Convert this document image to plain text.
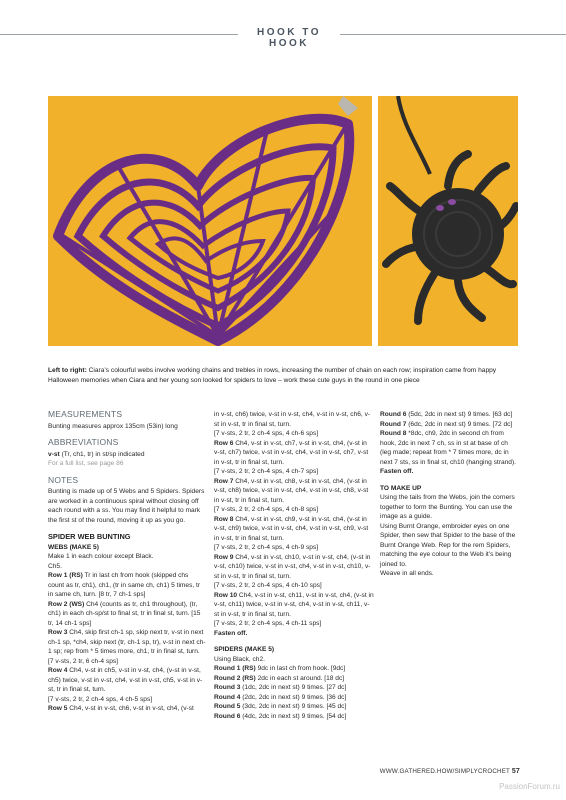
HOOK TO HOOK
Left to right: Ciara’s colourful webs involve working chains and trebles in rows, increasing the number of chain on each row; inspiration came from happy Halloween memories when Ciara and her young son looked for spiders to love – work these cute guys in the round in one piece
MEASUREMENTS

Bunting measures approx 135cm (53in) long

ABBREVIATIONS

v-st (Tr, ch1, tr) in st/sp indicated

For a full list, see page 86

NOTES

Bunting is made up of 5 Webs and 5 Spiders. Spiders are worked in a continuous spiral without closing off each round with a ss. You may find it helpful to mark the first st of the round, moving it up as you go.

SPIDER WEB BUNTING
WEBS (MAKE 5)

Make 1 in each colour except Black.

Ch5.

Row 1 (RS) Tr in last ch from hook (skipped chs count as tr, ch1), ch1, (tr in same ch, ch1) 5 times, tr in same ch, turn. [8 tr, 7 ch-1 sps]

Row 2 (WS) Ch4 (counts as tr, ch1 throughout), (tr, ch1) in each ch-sp/st to final st, tr in final st, turn. [15 tr, 14 ch-1 sps]

Row 3 Ch4, skip first ch-1 sp, skip next tr, v-st in next ch-1 sp, *ch4, skip next (tr, ch-1 sp, tr), v-st in next ch-1 sp; rep from * 5 times more, ch1, tr in final st, turn. [7 v-sts, 2 tr, 6 ch-4 sps]

Row 4 Ch4, v-st in ch5, v-st in v-st, ch4, (v-st in v-st, ch5) twice, v-st in v-st, ch4, v-st in v-st, ch5, v-st in v-st, tr in final st, turn.

[7 v-sts, 2 tr, 2 ch-4 sps, 4 ch-5 sps]

Row 5 Ch4, v-st in v-st, ch6, v-st in v-st, ch4, (v-st

in v-st, ch6) twice, v-st in v-st, ch4, v-st in v-st, ch6, v-st in v-st, tr in final st, turn.

[7 v-sts, 2 tr, 2 ch-4 sps, 4 ch-6 sps]

Row 6 Ch4, v-st in v-st, ch7, v-st in v-st, ch4, (v-st in v-st, ch7) twice, v-st in v-st, ch4, v-st in v-st, ch7, v-st in v-st, tr in final st, turn.

[7 v-sts, 2 tr, 2 ch-4 sps, 4 ch-7 sps]

Row 7 Ch4, v-st in v-st, ch8, v-st in v-st, ch4, (v-st in v-st, ch8) twice, v-st in v-st, ch4, v-st in v-st, ch8, v-st in v-st, tr in final st, turn.

[7 v-sts, 2 tr, 2 ch-4 sps, 4 ch-8 sps]

Row 8 Ch4, v-st in v-st, ch9, v-st in v-st, ch4, (v-st in v-st, ch9) twice, v-st in v-st, ch4, v-st in v-st, ch9, v-st in v-st, tr in final st, turn.

[7 v-sts, 2 tr, 2 ch-4 sps, 4 ch-9 sps]

Row 9 Ch4, v-st in v-st, ch10, v-st in v-st, ch4, (v-st in v-st, ch10) twice, v-st in v-st, ch4, v-st in v-st, ch10, v-st in v-st, tr in final st, turn.

[7 v-sts, 2 tr, 2 ch-4 sps, 4 ch-10 sps]

Row 10 Ch4, v-st in v-st, ch11, v-st in v-st, ch4, (v-st in v-st, ch11) twice, v-st in v-st, ch4, v-st in v-st, ch11, v-st in v-st, tr in final st, turn.

[7 v-sts, 2 tr, 2 ch-4 sps, 4 ch-11 sps]

Fasten off.

SPIDERS (MAKE 5)

Using Black, ch2.

Round 1 (RS) 9dc in last ch from hook. [9dc]

Round 2 (RS) 2dc in each st around. [18 dc]

Round 3 (1dc, 2dc in next st) 9 times. [27 dc]

Round 4 (2dc, 2dc in next st) 9 times. [36 dc]

Round 5 (3dc, 2dc in next st) 9 times. [45 dc]

Round 6 (4dc, 2dc in next st) 9 times. [54 dc]

Round 6 (5dc, 2dc in next st) 9 times. [63 dc]

Round 7 (6dc, 2dc in next st) 9 times. [72 dc]

Round 8 *8dc, ch9, 2dc in second ch from hook, 2dc in next 7 ch, ss in st at base of ch (leg made; repeat from * 7 times more, dc in next 7 sts, ss in final st, ch10 (hanging strand).

Fasten off.

TO MAKE UP

Using the tails from the Webs, join the corners together to form the Bunting. You can use the image as a guide.

Using Burnt Orange, embroider eyes on one Spider, then sew that Spider to the base of the Burnt Orange Web. Rep for the rem Spiders, matching the eye colour to the Web it’s being joined to.

Weave in all ends.

WWW.GATHERED.HOW/SIMPLYCROCHET 57
PassionForum.ru
